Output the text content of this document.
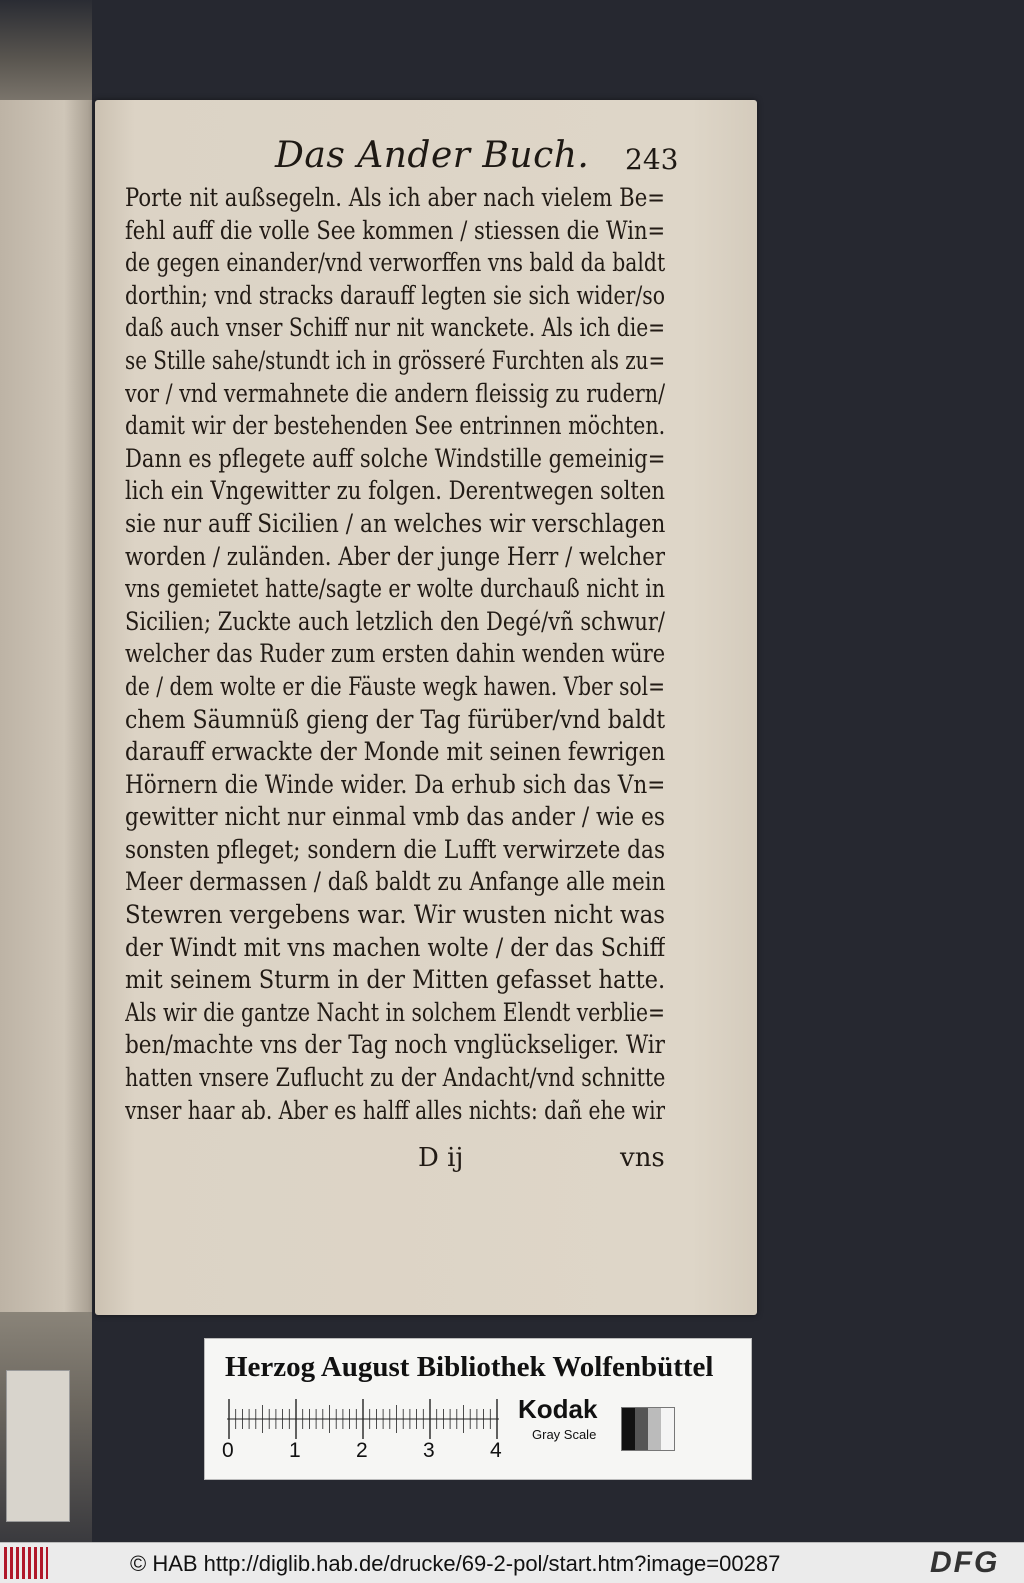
Das Ander Buch. 243
Porte nit außsegeln. Als ich aber nach vielem Be=
fehl auff die volle See kommen / stiessen die Win=
de gegen einander/vnd verworffen vns bald da baldt
dorthin; vnd stracks darauff legten sie sich wider/so
daß auch vnser Schiff nur nit wanckete. Als ich die=
se Stille sahe/stundt ich in grösseré Furchten als zu=
vor / vnd vermahnete die andern fleissig zu rudern/
damit wir der bestehenden See entrinnen möchten.
Dann es pflegete auff solche Windstille gemeinig=
lich ein Vngewitter zu folgen. Derentwegen solten
sie nur auff Sicilien / an welches wir verschlagen
worden / zuländen. Aber der junge Herr / welcher
vns gemietet hatte/sagte er wolte durchauß nicht in
Sicilien; Zuckte auch letzlich den Degé/vñ schwur/
welcher das Ruder zum ersten dahin wenden würe
de / dem wolte er die Fäuste wegk hawen. Vber sol=
chem Säumnüß gieng der Tag fürüber/vnd baldt
darauff erwackte der Monde mit seinen fewrigen
Hörnern die Winde wider. Da erhub sich das Vn=
gewitter nicht nur einmal vmb das ander / wie es
sonsten pfleget; sondern die Lufft verwirzete das
Meer dermassen / daß baldt zu Anfange alle mein
Stewren vergebens war. Wir wusten nicht was
der Windt mit vns machen wolte / der das Schiff
mit seinem Sturm in der Mitten gefasset hatte.
Als wir die gantze Nacht in solchem Elendt verblie=
ben/machte vns der Tag noch vnglückseliger. Wir
hatten vnsere Zuflucht zu der Andacht/vnd schnitte
vnser haar ab. Aber es halff alles nichts: dañ ehe wir
D ij	vns
Herzog August Bibliothek Wolfenbüttel
Kodak
Gray Scale
0	1	2	3	4
© HAB http://diglib.hab.de/drucke/69-2-pol/start.htm?image=00287	DFG
